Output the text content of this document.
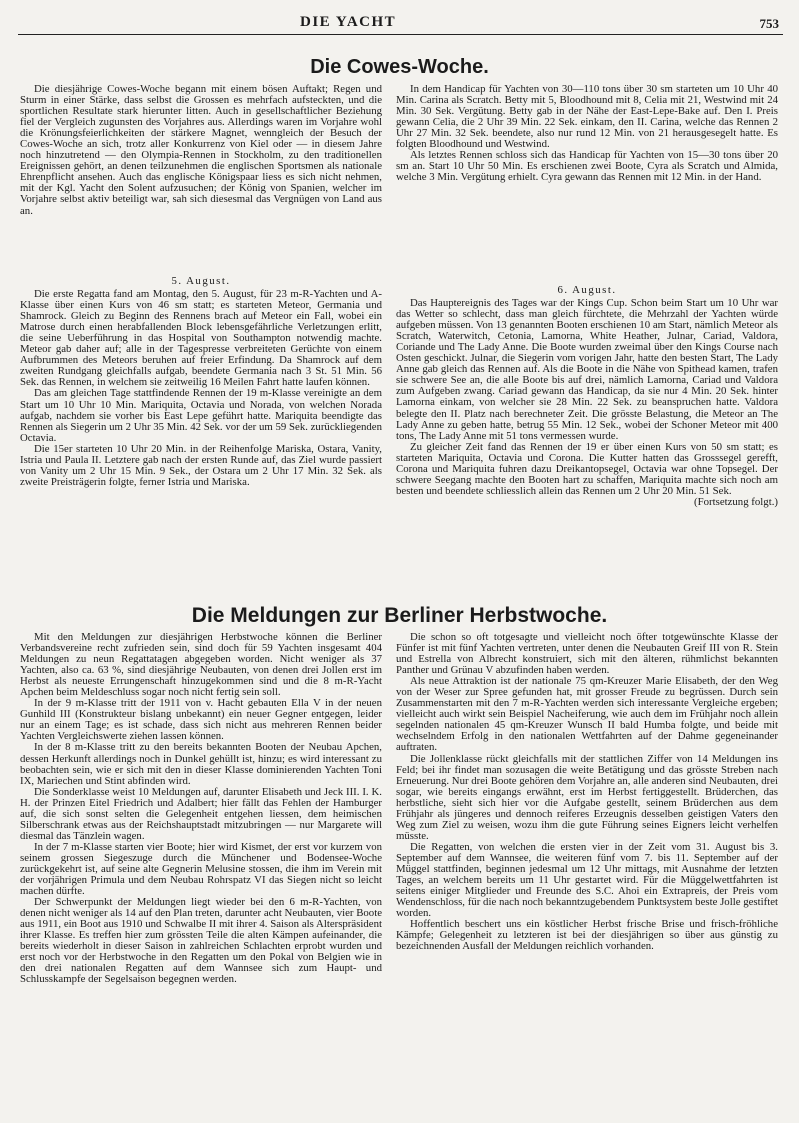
DIE YACHT	753
Die Cowes-Woche.

Die diesjährige Cowes-Woche begann mit einem bösen Auftakt; Regen und Sturm in einer Stärke, dass selbst die Grossen es mehrfach aufsteckten, und die sportlichen Resultate stark hierunter litten. Auch in gesellschaftlicher Beziehung fiel der Vergleich zugunsten des Vorjahres aus. Allerdings waren im Vorjahre wohl die Krönungsfeierlichkeiten der stärkere Magnet, wenngleich der Besuch der Cowes-Woche an sich, trotz aller Konkurrenz von Kiel oder — in diesem Jahre noch hinzutretend — den Olympia-Rennen in Stockholm, zu den traditionellen Ereignissen gehört, an denen teilzunehmen die englischen Sportsmen als nationale Ehrenpflicht ansehen. Auch das englische Königspaar liess es sich nicht nehmen, mit der Kgl. Yacht den Solent aufzusuchen; der König von Spanien, welcher im Vorjahre selbst aktiv beteiligt war, sah sich diesesmal das Vergnügen von Land aus an.

In dem Handicap für Yachten von 30—110 tons über 30 sm starteten um 10 Uhr 40 Min. Carina als Scratch. Betty mit 5, Bloodhound mit 8, Celia mit 21, Westwind mit 24 Min. 30 Sek. Vergütung. Betty gab in der Nähe der East-Lepe-Bake auf. Den I. Preis gewann Celia, die 2 Uhr 39 Min. 22 Sek. einkam, den II. Carina, welche das Rennen 2 Uhr 27 Min. 32 Sek. beendete, also nur rund 12 Min. von 21 herausgesegelt hatte. Es folgten Bloodhound und Westwind.

Als letztes Rennen schloss sich das Handicap für Yachten von 15—30 tons über 20 sm an. Start 10 Uhr 50 Min. Es erschienen zwei Boote, Cyra als Scratch und Almida, welche 3 Min. Vergütung erhielt. Cyra gewann das Rennen mit 12 Min. in der Hand.

5. August.

Die erste Regatta fand am Montag, den 5. August, für 23 m-R-Yachten und A-Klasse über einen Kurs von 46 sm statt; es starteten Meteor, Germania und Shamrock. Gleich zu Beginn des Rennens brach auf Meteor ein Fall, wobei ein Matrose durch einen herabfallenden Block lebensgefährliche Verletzungen erlitt, die seine Ueberführung in das Hospital von Southampton notwendig machte. Meteor gab daher auf; alle in der Tagespresse verbreiteten Gerüchte von einem Aufbrummen des Meteors beruhen auf freier Erfindung. Da Shamrock auf dem zweiten Rundgang gleichfalls aufgab, beendete Germania nach 3 St. 51 Min. 56 Sek. das Rennen, in welchem sie zeitweilig 16 Meilen Fahrt hatte laufen können.

Das am gleichen Tage stattfindende Rennen der 19 m-Klasse vereinigte an dem Start um 10 Uhr 10 Min. Mariquita, Octavia und Norada, von welchen Norada aufgab, nachdem sie vorher bis East Lepe geführt hatte. Mariquita beendigte das Rennen als Siegerin um 2 Uhr 35 Min. 42 Sek. vor der um 59 Sek. zurückliegenden Octavia.

Die 15er starteten 10 Uhr 20 Min. in der Reihenfolge Mariska, Ostara, Vanity, Istria und Paula II. Letztere gab nach der ersten Runde auf, das Ziel wurde passiert von Vanity um 2 Uhr 15 Min. 9 Sek., der Ostara um 2 Uhr 17 Min. 32 Sek. als zweite Preisträgerin folgte, ferner Istria und Mariska.

6. August.

Das Hauptereignis des Tages war der Kings Cup. Schon beim Start um 10 Uhr war das Wetter so schlecht, dass man gleich fürchtete, die Mehrzahl der Yachten würde aufgeben müssen. Von 13 genannten Booten erschienen 10 am Start, nämlich Meteor als Scratch, Waterwitch, Cetonia, Lamorna, White Heather, Julnar, Cariad, Valdora, Coriande und The Lady Anne. Die Boote wurden zweimal über den Kings Course nach Osten geschickt. Julnar, die Siegerin vom vorigen Jahr, hatte den besten Start, The Lady Anne gab gleich das Rennen auf. Als die Boote in die Nähe von Spithead kamen, trafen sie schwere See an, die alle Boote bis auf drei, nämlich Lamorna, Cariad und Valdora zum Aufgeben zwang. Cariad gewann das Handicap, da sie nur 4 Min. 20 Sek. hinter Lamorna einkam, von welcher sie 28 Min. 22 Sek. zu beanspruchen hatte. Valdora belegte den II. Platz nach berechneter Zeit. Die grösste Belastung, die Meteor an The Lady Anne zu geben hatte, betrug 55 Min. 12 Sek., wobei der Schoner Meteor mit 400 tons, The Lady Anne mit 51 tons vermessen wurde.

Zu gleicher Zeit fand das Rennen der 19 er über einen Kurs von 50 sm statt; es starteten Mariquita, Octavia und Corona. Die Kutter hatten das Grosssegel gerefft, Corona und Mariquita fuhren dazu Dreikantopsegel, Octavia war ohne Topsegel. Der schwere Seegang machte den Booten hart zu schaffen, Mariquita machte sich noch am besten und beendete schliesslich allein das Rennen um 2 Uhr 20 Min. 51 Sek.

(Fortsetzung folgt.)

Die Meldungen zur Berliner Herbstwoche.

Mit den Meldungen zur diesjährigen Herbstwoche können die Berliner Verbandsvereine recht zufrieden sein, sind doch für 59 Yachten insgesamt 404 Meldungen zu neun Regattatagen abgegeben worden. Nicht weniger als 37 Yachten, also ca. 63 %, sind diesjährige Neubauten, von denen drei Jollen erst im Herbst als neueste Errungenschaft hinzugekommen sind und die 8 m-R-Yacht Apchen beim Meldeschluss sogar noch nicht fertig sein soll.

In der 9 m-Klasse tritt der 1911 von v. Hacht gebauten Ella V in der neuen Gunhild III (Konstrukteur bislang unbekannt) ein neuer Gegner entgegen, leider nur an einem Tage; es ist schade, dass sich nicht aus mehreren Rennen beider Yachten Vergleichswerte ziehen lassen können.

In der 8 m-Klasse tritt zu den bereits bekannten Booten der Neubau Apchen, dessen Herkunft allerdings noch in Dunkel gehüllt ist, hinzu; es wird interessant zu beobachten sein, wie er sich mit den in dieser Klasse dominierenden Yachten Toni IX, Mariechen und Stint abfinden wird.

Die Sonderklasse weist 10 Meldungen auf, darunter Elisabeth und Jeck III. I. K. H. der Prinzen Eitel Friedrich und Adalbert; hier fällt das Fehlen der Hamburger auf, die sich sonst selten die Gelegenheit entgehen liessen, dem heimischen Silberschrank etwas aus der Reichshauptstadt mitzubringen — nur Margarete will diesmal das Tänzlein wagen.

In der 7 m-Klasse starten vier Boote; hier wird Kismet, der erst vor kurzem von seinem grossen Siegeszuge durch die Münchener und Bodensee-Woche zurückgekehrt ist, auf seine alte Gegnerin Melusine stossen, die ihm im Verein mit der vorjährigen Primula und dem Neubau Rohrspatz VI das Siegen nicht so leicht machen dürfte.

Der Schwerpunkt der Meldungen liegt wieder bei den 6 m-R-Yachten, von denen nicht weniger als 14 auf den Plan treten, darunter acht Neubauten, vier Boote aus 1911, ein Boot aus 1910 und Schwalbe II mit ihrer 4. Saison als Alterspräsident ihrer Klasse. Es treffen hier zum grössten Teile die alten Kämpen aufeinander, die bereits wiederholt in dieser Saison in zahlreichen Schlachten erprobt wurden und erst noch vor der Herbstwoche in den Regatten um den Pokal von Belgien wie in den drei nationalen Regatten auf dem Wannsee sich zum Haupt- und Schlusskampfe der Segelsaison begegnen werden.

Die schon so oft totgesagte und vielleicht noch öfter totgewünschte Klasse der Fünfer ist mit fünf Yachten vertreten, unter denen die Neubauten Greif III von R. Stein und Estrella von Albrecht konstruiert, sich mit den älteren, rühmlichst bekannten Panther und Grünau V abzufinden haben werden.

Als neue Attraktion ist der nationale 75 qm-Kreuzer Marie Elisabeth, der den Weg von der Weser zur Spree gefunden hat, mit grosser Freude zu begrüssen. Durch sein Zusammenstarten mit den 7 m-R-Yachten werden sich interessante Vergleiche ergeben; vielleicht auch wirkt sein Beispiel Nacheiferung, wie auch dem im Frühjahr noch allein segelnden nationalen 45 qm-Kreuzer Wunsch II bald Humba folgte, und beide mit wechselndem Erfolg in den nationalen Wettfahrten auf der Dahme gegeneinander auftraten.

Die Jollenklasse rückt gleichfalls mit der stattlichen Ziffer von 14 Meldungen ins Feld; bei ihr findet man sozusagen die weite Betätigung und das grösste Streben nach Erneuerung. Nur drei Boote gehören dem Vorjahre an, alle anderen sind Neubauten, drei sogar, wie bereits eingangs erwähnt, erst im Herbst fertiggestellt. Brüderchen, das herbstliche, sieht sich hier vor die Aufgabe gestellt, seinem Brüderchen aus dem Frühjahr als jüngeres und dennoch reiferes Erzeugnis desselben geistigen Vaters den Weg zum Ziel zu weisen, wozu ihm die gute Führung seines Eigners leicht verhelfen müsste.

Die Regatten, von welchen die ersten vier in der Zeit vom 31. August bis 3. September auf dem Wannsee, die weiteren fünf vom 7. bis 11. September auf der Müggel stattfinden, beginnen jedesmal um 12 Uhr mittags, mit Ausnahme der letzten Tages, an welchem bereits um 11 Uhr gestartet wird. Für die Müggelwettfahrten ist seitens einiger Mitglieder und Freunde des S.C. Ahoi ein Extrapreis, der Preis vom Wendenschloss, für die nach noch bekanntzugebendem Punktsystem beste Jolle gestiftet worden.

Hoffentlich beschert uns ein köstlicher Herbst frische Brise und frisch-fröhliche Kämpfe; Gelegenheit zu letzteren ist bei der diesjährigen so über aus günstig zu bezeichnenden Ausfall der Meldungen reichlich vorhanden.
